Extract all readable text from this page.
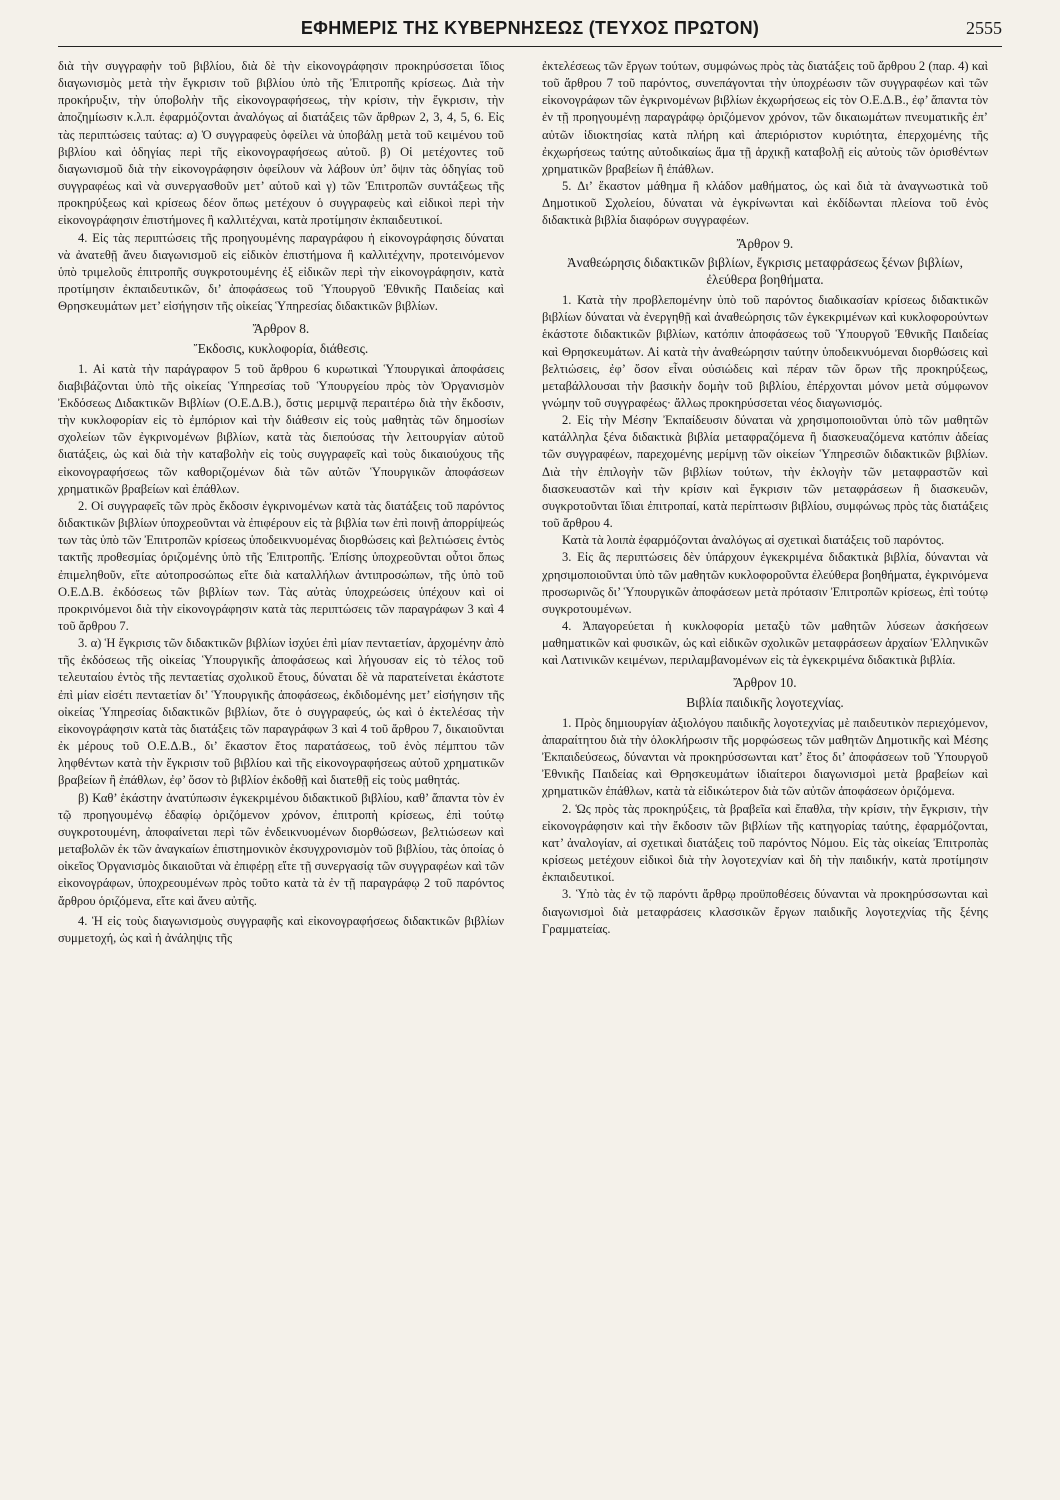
ΕΦΗΜΕΡΙΣ ΤΗΣ ΚΥΒΕΡΝΗΣΕΩΣ (ΤΕΥΧΟΣ ΠΡΩΤΟΝ)	2555

διὰ τὴν συγγραφὴν τοῦ βιβλίου, διὰ δὲ τὴν εἰκονογράφησιν προκηρύσσεται ἴδιος διαγωνισμὸς μετὰ τὴν ἔγκρισιν τοῦ βιβλίου ὑπὸ τῆς Ἐπιτροπῆς κρίσεως. Διὰ τὴν προκήρυξιν, τὴν ὑποβολὴν τῆς εἰκονογραφήσεως, τὴν κρίσιν, τὴν ἔγκρισιν, τὴν ἀποζημίωσιν κ.λ.π. ἐφαρμόζονται ἀναλόγως αἱ διατάξεις τῶν ἄρθρων 2, 3, 4, 5, 6. Εἰς τὰς περιπτώσεις ταύτας: α) Ὁ συγγραφεὺς ὀφείλει νὰ ὑποβάλῃ μετὰ τοῦ κειμένου τοῦ βιβλίου καὶ ὁδηγίας περὶ τῆς εἰκονογραφήσεως αὐτοῦ. β) Οἱ μετέχοντες τοῦ διαγωνισμοῦ διὰ τὴν εἰκονογράφησιν ὀφείλουν νὰ λάβουν ὑπ’ ὄψιν τὰς ὁδηγίας τοῦ συγγραφέως καὶ νὰ συνεργασθοῦν μετ’ αὐτοῦ καὶ γ) τῶν Ἐπιτροπῶν συντάξεως τῆς προκηρύξεως καὶ κρίσεως δέον ὅπως μετέχουν ὁ συγγραφεὺς καὶ εἰδικοὶ περὶ τὴν εἰκονογράφησιν ἐπιστήμονες ἢ καλλιτέχναι, κατὰ προτίμησιν ἐκπαιδευτικοί.

4. Εἰς τὰς περιπτώσεις τῆς προηγουμένης παραγράφου ἡ εἰκονογράφησις δύναται νὰ ἀνατεθῇ ἄνευ διαγωνισμοῦ εἰς εἰδικὸν ἐπιστήμονα ἢ καλλιτέχνην, προτεινόμενον ὑπὸ τριμελοῦς ἐπιτροπῆς συγκροτουμένης ἐξ εἰδικῶν περὶ τὴν εἰκονογράφησιν, κατὰ προτίμησιν ἐκπαιδευτικῶν, δι’ ἀποφάσεως τοῦ Ὑπουργοῦ Ἐθνικῆς Παιδείας καὶ Θρησκευμάτων μετ’ εἰσήγησιν τῆς οἰκείας Ὑπηρεσίας διδακτικῶν βιβλίων.

Ἄρθρον 8.

Ἔκδοσις, κυκλοφορία, διάθεσις.

1. Αἱ κατὰ τὴν παράγραφον 5 τοῦ ἄρθρου 6 κυρωτικαὶ Ὑπουργικαὶ ἀποφάσεις διαβιβάζονται ὑπὸ τῆς οἰκείας Ὑπηρεσίας τοῦ Ὑπουργείου πρὸς τὸν Ὀργανισμὸν Ἐκδόσεως Διδακτικῶν Βιβλίων (Ο.Ε.Δ.Β.), ὅστις μεριμνᾷ περαιτέρω διὰ τὴν ἔκδοσιν, τὴν κυκλοφορίαν εἰς τὸ ἐμπόριον καὶ τὴν διάθεσιν εἰς τοὺς μαθητὰς τῶν δημοσίων σχολείων τῶν ἐγκρινομένων βιβλίων, κατὰ τὰς διεπούσας τὴν λειτουργίαν αὐτοῦ διατάξεις, ὡς καὶ διὰ τὴν καταβολὴν εἰς τοὺς συγγραφεῖς καὶ τοὺς δικαιούχους τῆς εἰκονογραφήσεως τῶν καθοριζομένων διὰ τῶν αὐτῶν Ὑπουργικῶν ἀποφάσεων χρηματικῶν βραβείων καὶ ἐπάθλων.

2. Οἱ συγγραφεῖς τῶν πρὸς ἔκδοσιν ἐγκρινομένων κατὰ τὰς διατάξεις τοῦ παρόντος διδακτικῶν βιβλίων ὑποχρεοῦνται νὰ ἐπιφέρουν εἰς τὰ βιβλία των ἐπὶ ποινῇ ἀπορρίψεώς των τὰς ὑπὸ τῶν Ἐπιτροπῶν κρίσεως ὑποδεικνυομένας διορθώσεις καὶ βελτιώσεις ἐντὸς τακτῆς προθεσμίας ὁριζομένης ὑπὸ τῆς Ἐπιτροπῆς. Ἐπίσης ὑποχρεοῦνται οὗτοι ὅπως ἐπιμεληθοῦν, εἴτε αὐτοπροσώπως εἴτε διὰ καταλλήλων ἀντιπροσώπων, τῆς ὑπὸ τοῦ Ο.Ε.Δ.Β. ἐκδόσεως τῶν βιβλίων των. Τὰς αὐτὰς ὑποχρεώσεις ὑπέχουν καὶ οἱ προκρινόμενοι διὰ τὴν εἰκονογράφησιν κατὰ τὰς περιπτώσεις τῶν παραγράφων 3 καὶ 4 τοῦ ἄρθρου 7.

3. α) Ἡ ἔγκρισις τῶν διδακτικῶν βιβλίων ἰσχύει ἐπὶ μίαν πενταετίαν, ἀρχομένην ἀπὸ τῆς ἐκδόσεως τῆς οἰκείας Ὑπουργικῆς ἀποφάσεως καὶ λήγουσαν εἰς τὸ τέλος τοῦ τελευταίου ἐντὸς τῆς πενταετίας σχολικοῦ ἔτους, δύναται δὲ νὰ παρατείνεται ἑκάστοτε ἐπὶ μίαν εἰσέτι πενταετίαν δι’ Ὑπουργικῆς ἀποφάσεως, ἐκδιδομένης μετ’ εἰσήγησιν τῆς οἰκείας Ὑπηρεσίας διδακτικῶν βιβλίων, ὅτε ὁ συγγραφεύς, ὡς καὶ ὁ ἐκτελέσας τὴν εἰκονογράφησιν κατὰ τὰς διατάξεις τῶν παραγράφων 3 καὶ 4 τοῦ ἄρθρου 7, δικαιοῦνται ἐκ μέρους τοῦ Ο.Ε.Δ.Β., δι’ ἕκαστον ἔτος παρατάσεως, τοῦ ἑνὸς πέμπτου τῶν ληφθέντων κατὰ τὴν ἔγκρισιν τοῦ βιβλίου καὶ τῆς εἰκονογραφήσεως αὐτοῦ χρηματικῶν βραβείων ἢ ἐπάθλων, ἐφ’ ὅσον τὸ βιβλίον ἐκδοθῇ καὶ διατεθῇ εἰς τοὺς μαθητάς.

β) Καθ’ ἑκάστην ἀνατύπωσιν ἐγκεκριμένου διδακτικοῦ βιβλίου, καθ’ ἅπαντα τὸν ἐν τῷ προηγουμένῳ ἐδαφίῳ ὁριζόμενον χρόνον, ἐπιτροπὴ κρίσεως, ἐπὶ τούτῳ συγκροτουμένη, ἀποφαίνεται περὶ τῶν ἐνδεικνυομένων διορθώσεων, βελτιώσεων καὶ μεταβολῶν ἐκ τῶν ἀναγκαίων ἐπιστημονικὸν ἐκσυγχρονισμὸν τοῦ βιβλίου, τὰς ὁποίας ὁ οἰκεῖος Ὀργανισμὸς δικαιοῦται νὰ ἐπιφέρῃ εἴτε τῇ συνεργασίᾳ τῶν συγγραφέων καὶ τῶν εἰκονογράφων, ὑποχρεουμένων πρὸς τοῦτο κατὰ τὰ ἐν τῇ παραγράφῳ 2 τοῦ παρόντος ἄρθρου ὁριζόμενα, εἴτε καὶ ἄνευ αὐτῆς.

4. Ἡ εἰς τοὺς διαγωνισμοὺς συγγραφῆς καὶ εἰκονογραφήσεως διδακτικῶν βιβλίων συμμετοχή, ὡς καὶ ἡ ἀνάληψις τῆς

ἐκτελέσεως τῶν ἔργων τούτων, συμφώνως πρὸς τὰς διατάξεις τοῦ ἄρθρου 2 (παρ. 4) καὶ τοῦ ἄρθρου 7 τοῦ παρόντος, συνεπάγονται τὴν ὑποχρέωσιν τῶν συγγραφέων καὶ τῶν εἰκονογράφων τῶν ἐγκρινομένων βιβλίων ἐκχωρήσεως εἰς τὸν Ο.Ε.Δ.Β., ἐφ’ ἅπαντα τὸν ἐν τῇ προηγουμένῃ παραγράφῳ ὁριζόμενον χρόνον, τῶν δικαιωμάτων πνευματικῆς ἐπ’ αὐτῶν ἰδιοκτησίας κατὰ πλήρη καὶ ἀπεριόριστον κυριότητα, ἐπερχομένης τῆς ἐκχωρήσεως ταύτης αὐτοδικαίως ἅμα τῇ ἀρχικῇ καταβολῇ εἰς αὐτοὺς τῶν ὁρισθέντων χρηματικῶν βραβείων ἢ ἐπάθλων.

5. Δι’ ἕκαστον μάθημα ἢ κλάδον μαθήματος, ὡς καὶ διὰ τὰ ἀναγνωστικὰ τοῦ Δημοτικοῦ Σχολείου, δύναται νὰ ἐγκρίνωνται καὶ ἐκδίδωνται πλείονα τοῦ ἑνὸς διδακτικὰ βιβλία διαφόρων συγγραφέων.

Ἄρθρον 9.

Ἀναθεώρησις διδακτικῶν βιβλίων, ἔγκρισις μεταφράσεως ξένων βιβλίων, ἐλεύθερα βοηθήματα.

1. Κατὰ τὴν προβλεπομένην ὑπὸ τοῦ παρόντος διαδικασίαν κρίσεως διδακτικῶν βιβλίων δύναται νὰ ἐνεργηθῇ καὶ ἀναθεώρησις τῶν ἐγκεκριμένων καὶ κυκλοφορούντων ἑκάστοτε διδακτικῶν βιβλίων, κατόπιν ἀποφάσεως τοῦ Ὑπουργοῦ Ἐθνικῆς Παιδείας καὶ Θρησκευμάτων. Αἱ κατὰ τὴν ἀναθεώρησιν ταύτην ὑποδεικνυόμεναι διορθώσεις καὶ βελτιώσεις, ἐφ’ ὅσον εἶναι οὐσιώδεις καὶ πέραν τῶν ὅρων τῆς προκηρύξεως, μεταβάλλουσαι τὴν βασικὴν δομὴν τοῦ βιβλίου, ἐπέρχονται μόνον μετὰ σύμφωνον γνώμην τοῦ συγγραφέως· ἄλλως προκηρύσσεται νέος διαγωνισμός.

2. Εἰς τὴν Μέσην Ἐκπαίδευσιν δύναται νὰ χρησιμοποιοῦνται ὑπὸ τῶν μαθητῶν κατάλληλα ξένα διδακτικὰ βιβλία μεταφραζόμενα ἢ διασκευαζόμενα κατόπιν ἀδείας τῶν συγγραφέων, παρεχομένης μερίμνῃ τῶν οἰκείων Ὑπηρεσιῶν διδακτικῶν βιβλίων. Διὰ τὴν ἐπιλογὴν τῶν βιβλίων τούτων, τὴν ἐκλογὴν τῶν μεταφραστῶν καὶ διασκευαστῶν καὶ τὴν κρίσιν καὶ ἔγκρισιν τῶν μεταφράσεων ἢ διασκευῶν, συγκροτοῦνται ἴδιαι ἐπιτροπαί, κατὰ περίπτωσιν βιβλίου, συμφώνως πρὸς τὰς διατάξεις τοῦ ἄρθρου 4.

Κατὰ τὰ λοιπὰ ἐφαρμόζονται ἀναλόγως αἱ σχετικαὶ διατάξεις τοῦ παρόντος.

3. Εἰς ἃς περιπτώσεις δὲν ὑπάρχουν ἐγκεκριμένα διδακτικὰ βιβλία, δύνανται νὰ χρησιμοποιοῦνται ὑπὸ τῶν μαθητῶν κυκλοφοροῦντα ἐλεύθερα βοηθήματα, ἐγκρινόμενα προσωρινῶς δι’ Ὑπουργικῶν ἀποφάσεων μετὰ πρότασιν Ἐπιτροπῶν κρίσεως, ἐπὶ τούτῳ συγκροτουμένων.

4. Ἀπαγορεύεται ἡ κυκλοφορία μεταξὺ τῶν μαθητῶν λύσεων ἀσκήσεων μαθηματικῶν καὶ φυσικῶν, ὡς καὶ εἰδικῶν σχολικῶν μεταφράσεων ἀρχαίων Ἑλληνικῶν καὶ Λατινικῶν κειμένων, περιλαμβανομένων εἰς τὰ ἐγκεκριμένα διδακτικὰ βιβλία.

Ἄρθρον 10.

Βιβλία παιδικῆς λογοτεχνίας.

1. Πρὸς δημιουργίαν ἀξιολόγου παιδικῆς λογοτεχνίας μὲ παιδευτικὸν περιεχόμενον, ἀπαραίτητου διὰ τὴν ὁλοκλήρωσιν τῆς μορφώσεως τῶν μαθητῶν Δημοτικῆς καὶ Μέσης Ἐκπαιδεύσεως, δύνανται νὰ προκηρύσσωνται κατ’ ἔτος δι’ ἀποφάσεων τοῦ Ὑπουργοῦ Ἐθνικῆς Παιδείας καὶ Θρησκευμάτων ἰδιαίτεροι διαγωνισμοὶ μετὰ βραβείων καὶ χρηματικῶν ἐπάθλων, κατὰ τὰ εἰδικώτερον διὰ τῶν αὐτῶν ἀποφάσεων ὁριζόμενα.

2. Ὡς πρὸς τὰς προκηρύξεις, τὰ βραβεῖα καὶ ἔπαθλα, τὴν κρίσιν, τὴν ἔγκρισιν, τὴν εἰκονογράφησιν καὶ τὴν ἔκδοσιν τῶν βιβλίων τῆς κατηγορίας ταύτης, ἐφαρμόζονται, κατ’ ἀναλογίαν, αἱ σχετικαὶ διατάξεις τοῦ παρόντος Νόμου. Εἰς τὰς οἰκείας Ἐπιτροπὰς κρίσεως μετέχουν εἰδικοὶ διὰ τὴν λογοτεχνίαν καὶ δὴ τὴν παιδικήν, κατὰ προτίμησιν ἐκπαιδευτικοί.

3. Ὑπὸ τὰς ἐν τῷ παρόντι ἄρθρῳ προϋποθέσεις δύνανται νὰ προκηρύσσωνται καὶ διαγωνισμοὶ διὰ μεταφράσεις κλασσικῶν ἔργων παιδικῆς λογοτεχνίας τῆς ξένης Γραμματείας.
